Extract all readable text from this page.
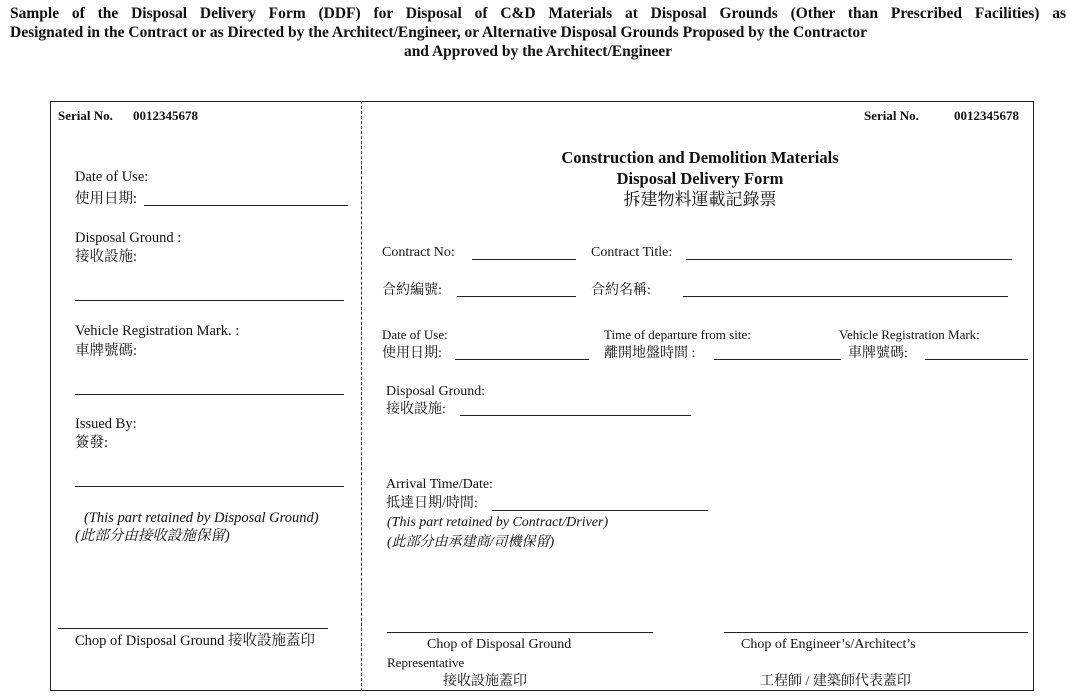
Sample of the Disposal Delivery Form (DDF) for Disposal of C&D Materials at Disposal Grounds (Other than Prescribed Facilities) as
Designated in the Contract or as Directed by the Architect/Engineer, or Alternative Disposal Grounds Proposed by the Contractor
and Approved by the Architect/Engineer
Serial No. 0012345678
Date of Use:
使用日期:
Disposal Ground :
接收設施:
Vehicle Registration Mark. :
車牌號碼:
Issued By:
簽發:
(This part retained by Disposal Ground)
(此部分由接收設施保留)
Chop of Disposal Ground 接收設施蓋印
Serial No.	0012345678
Construction and Demolition Materials
Disposal Delivery Form
拆建物料運載記錄票
Contract No:	Contract Title:
合約編號:	合約名稱:
Date of Use:
使用日期:
Time of departure from site:
離開地盤時間 :
Vehicle Registration Mark:
車牌號碼:
Disposal Ground:
接收設施:
Arrival Time/Date:
抵達日期/時間:
(This part retained by Contract/Driver)
(此部分由承建商/司機保留)
Chop of Disposal Ground
Representative
接收設施蓋印
Chop of Engineer’s/Architect’s
工程師 / 建築師代表蓋印
